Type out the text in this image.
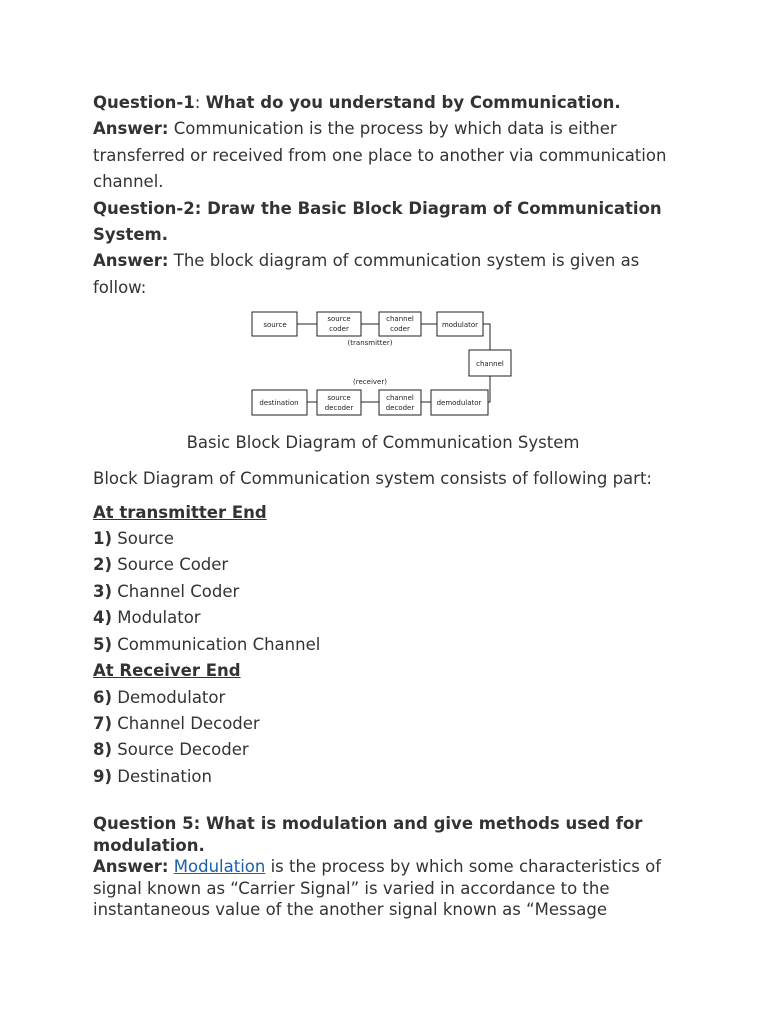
Question-1: What do you understand by Communication.

Answer: Communication is the process by which data is either transferred or received from one place to another via communication channel.

Question-2: Draw the Basic Block Diagram of Communication System.

Answer: The block diagram of communication system is given as follow:

source
source
coder
channel
coder	modulator
channel
(transmitter)
(receiver)
destination
source
decoder
channel
decoder
demodulator
Basic Block Diagram of Communication System

Block Diagram of Communication system consists of following part:

At transmitter End

1) Source

2) Source Coder

3) Channel Coder

4) Modulator

5) Communication Channel

At Receiver End

6) Demodulator

7) Channel Decoder

8) Source Decoder

9) Destination

Question 5: What is modulation and give methods used for modulation.

Answer: Modulation is the process by which some characteristics of signal known as “Carrier Signal” is varied in accordance to the instantaneous value of the another signal known as “Message
